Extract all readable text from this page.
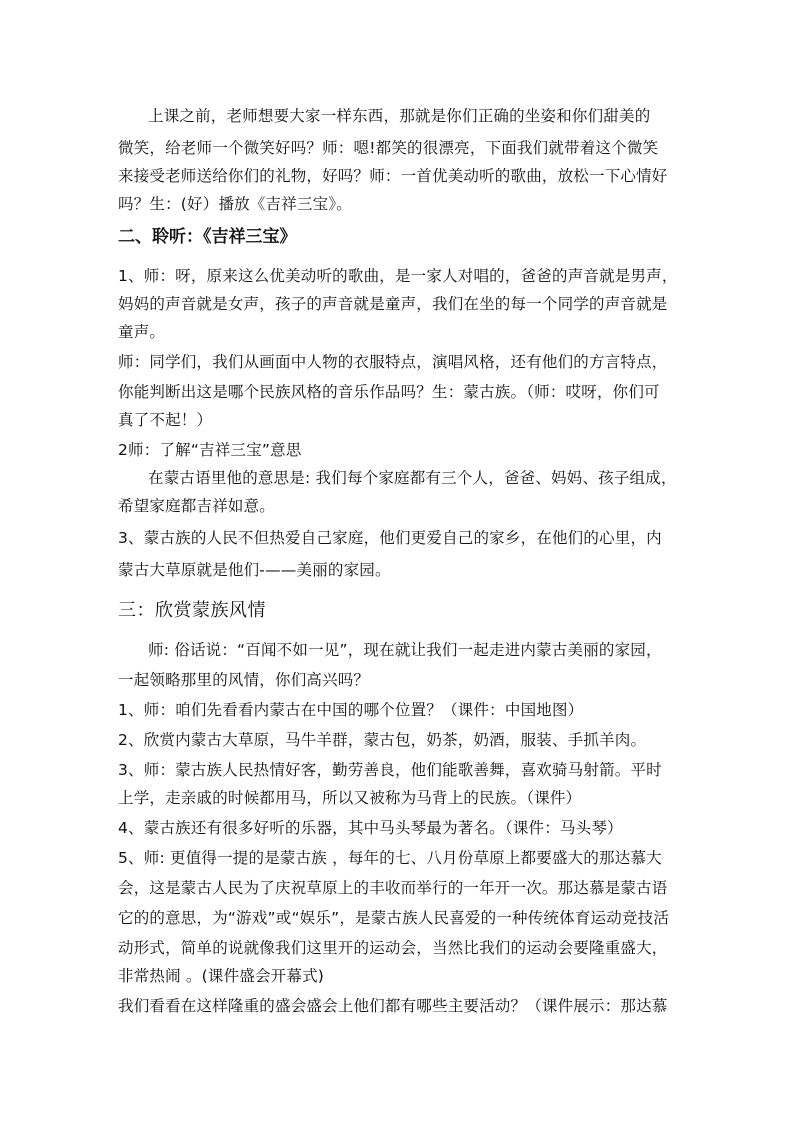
上课之前，老师想要大家一样东西，那就是你们正确的坐姿和你们甜美的
微笑，给老师一个微笑好吗？师：嗯!都笑的很漂亮，下面我们就带着这个微笑
来接受老师送给你们的礼物，好吗？师：一首优美动听的歌曲，放松一下心情好
吗？生：(好）播放《吉祥三宝》。
二、聆听：《吉祥三宝》
1、师：呀，原来这么优美动听的歌曲，是一家人对唱的，爸爸的声音就是男声，
妈妈的声音就是女声，孩子的声音就是童声，我们在坐的每一个同学的声音就是
童声。
师：同学们，我们从画面中人物的衣服特点，演唱风格，还有他们的方言特点，
你能判断出这是哪个民族风格的音乐作品吗？生：蒙古族。（师：哎呀，你们可
真了不起！）
2师：了解“吉祥三宝”意思
在蒙古语里他的意思是: 我们每个家庭都有三个人，爸爸、妈妈、孩子组成，
希望家庭都吉祥如意。
3、蒙古族的人民不但热爱自己家庭，他们更爱自己的家乡，在他们的心里，内
蒙古大草原就是他们-——美丽的家园。
三：欣赏蒙族风情
师: 俗话说：“百闻不如一见”，现在就让我们一起走进内蒙古美丽的家园，
一起领略那里的风情，你们高兴吗？
1、师：咱们先看看内蒙古在中国的哪个位置？（课件：中国地图）
2、欣赏内蒙古大草原，马牛羊群，蒙古包，奶茶，奶酒，服装、手抓羊肉。
3、师：蒙古族人民热情好客，勤劳善良，他们能歌善舞，喜欢骑马射箭。平时
上学，走亲戚的时候都用马，所以又被称为马背上的民族。（课件）
4、蒙古族还有很多好听的乐器，其中马头琴最为著名。（课件：马头琴）
5、师: 更值得一提的是蒙古族 ，每年的七、八月份草原上都要盛大的那达慕大
会，这是蒙古人民为了庆祝草原上的丰收而举行的一年开一次。那达慕是蒙古语
它的的意思，为“游戏”或“娱乐”，是蒙古族人民喜爱的一种传统体育运动竞技活
动形式，简单的说就像我们这里开的运动会，当然比我们的运动会要隆重盛大，
非常热闹 。(课件盛会开幕式)
我们看看在这样隆重的盛会盛会上他们都有哪些主要活动？（课件展示：那达慕
